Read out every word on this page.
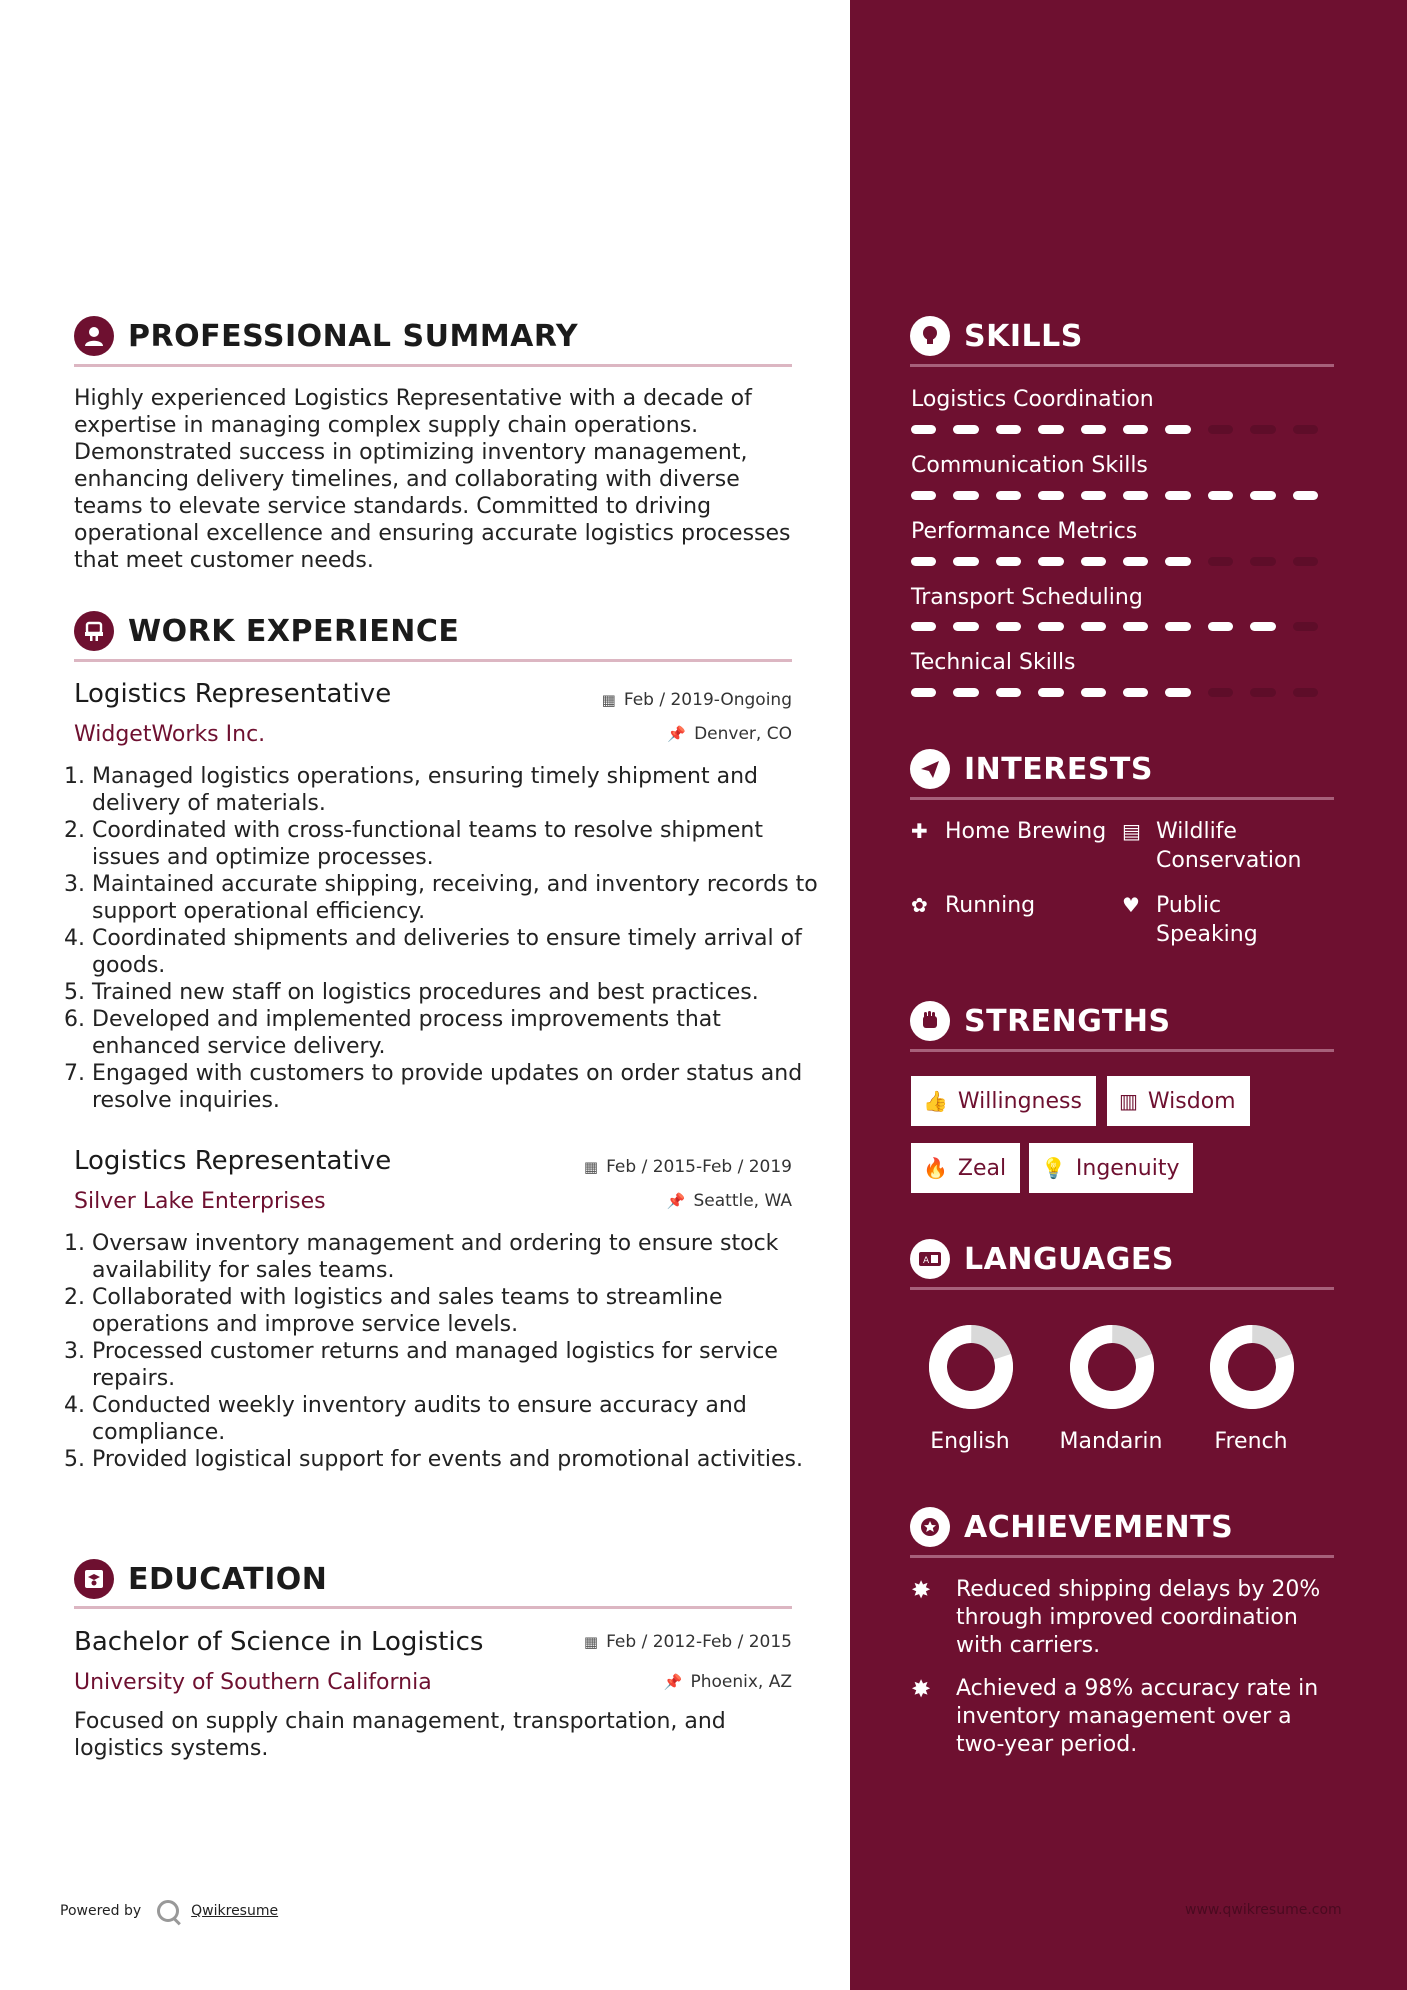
PROFESSIONAL SUMMARY
WORK EXPERIENCE
EDUCATION
Highly experienced Logistics Representative with a decade of expertise in managing complex supply chain operations. Demonstrated success in optimizing inventory management, enhancing delivery timelines, and collaborating with diverse teams to elevate service standards. Committed to driving operational excellence and ensuring accurate logistics processes that meet customer needs.
Logistics Representative	▦ Feb / 2019-Ongoing
WidgetWorks Inc.	📌 Denver, CO
1. Managed logistics operations, ensuring timely shipment and delivery of materials.
2. Coordinated with cross-functional teams to resolve shipment issues and optimize processes.
3. Maintained accurate shipping, receiving, and inventory records to support operational efficiency.
4. Coordinated shipments and deliveries to ensure timely arrival of goods.
5. Trained new staff on logistics procedures and best practices.
6. Developed and implemented process improvements that enhanced service delivery.
7. Engaged with customers to provide updates on order status and resolve inquiries.
Logistics Representative	▦ Feb / 2015-Feb / 2019
Silver Lake Enterprises	📌 Seattle, WA
1. Oversaw inventory management and ordering to ensure stock availability for sales teams.
2. Collaborated with logistics and sales teams to streamline operations and improve service levels.
3. Processed customer returns and managed logistics for service repairs.
4. Conducted weekly inventory audits to ensure accuracy and compliance.
5. Provided logistical support for events and promotional activities.
Bachelor of Science in Logistics	▦ Feb / 2012-Feb / 2015
University of Southern California	📌 Phoenix, AZ
Focused on supply chain management, transportation, and logistics systems.
Powered by	Qwikresume
SKILLS
INTERESTS
STRENGTHS
A LANGUAGES
ACHIEVEMENTS
Logistics Coordination
Communication Skills
Performance Metrics
Transport Scheduling
Technical Skills
✚ Home Brewing ▤ Wildlife Conservation
✿ Running	♥ Public Speaking
👍 Willingness ▥ Wisdom
🔥 Zeal 💡 Ingenuity
English	Mandarin	French
✸	Reduced shipping delays by 20% through improved coordination with carriers.
✸	Achieved a 98% accuracy rate in inventory management over a two-year period.
www.qwikresume.com
